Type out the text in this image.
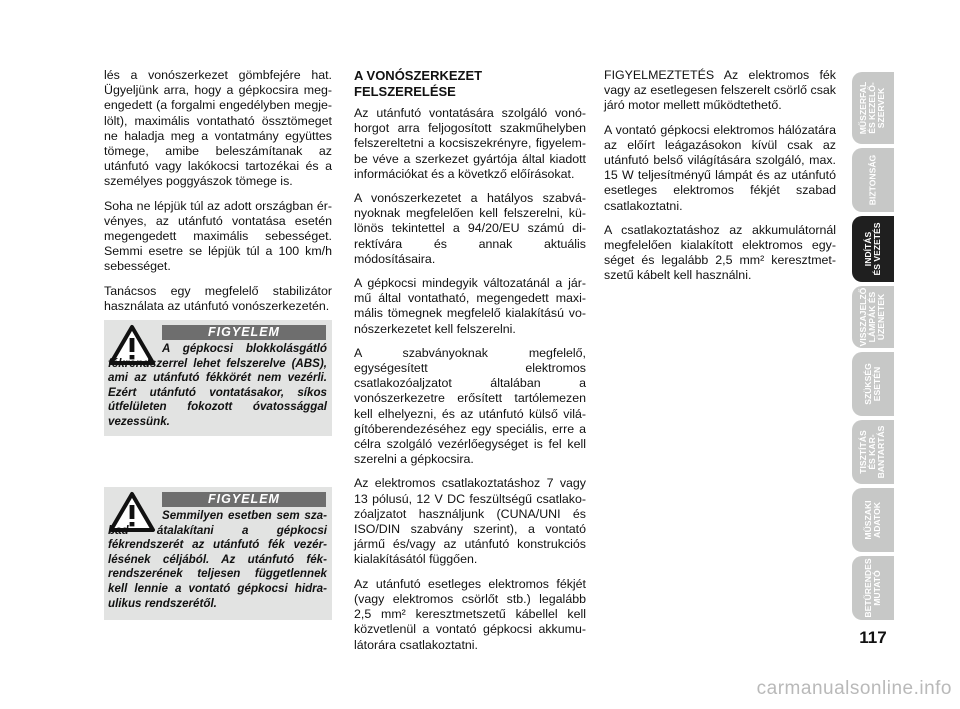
lés a vonószerkezet gömbfejére hat. Ügyeljünk arra, hogy a gépkocsira megengedett (a forgalmi engedélyben megjelölt), maximális vontatható össztömeget ne haladja meg a vontatmány együttes tömege, amibe beleszámítanak az utánfutó vagy lakókocsi tartozékai és a személyes poggyászok tömege is.

Soha ne lépjük túl az adott országban érvényes, az utánfutó vontatása esetén megengedett maximális sebességet. Semmi esetre se lépjük túl a 100 km/h sebességet.

Tanácsos egy megfelelő stabilizátor használata az utánfutó vonószerkezetén.

FIGYELEM
A gépkocsi blokkolásgátló fékrendszerrel lehet felszerelve (ABS), ami az utánfutó fékkörét nem vezérli. Ezért utánfutó vontatásakor, síkos útfelületen fokozott óvatossággal vezessünk.
FIGYELEM
Semmilyen esetben sem szabad átalakítani a gépkocsi fékrendszerét az utánfutó fék vezérlésének céljából. Az utánfutó fékrendszerének teljesen függetlennek kell lennie a vontató gépkocsi hidraulikus rendszerétől.
A VONÓSZERKEZET FELSZERELÉSE

Az utánfutó vontatására szolgáló vonóhorgot arra feljogosított szakműhelyben felszereltetni a kocsiszekrényre, figyelembe véve a szerkezet gyártója által kiadott információkat és a követkző előírásokat.

A vonószerkezetet a hatályos szabványoknak megfelelően kell felszerelni, különös tekintettel a 94/20/EU számú direktívára és annak aktuális módosításaira.

A gépkocsi mindegyik változatánál a jármű által vontatható, megengedett maximális tömegnek megfelelő kialakítású vonószerkezetet kell felszerelni.

A szabványoknak megfelelő, egységesített elektromos csatlakozóaljzatot általában a vonószerkezetre erősített tartólemezen kell elhelyezni, és az utánfutó külső világítóberendezéséhez egy speciális, erre a célra szolgáló vezérlőegységet is fel kell szerelni a gépkocsira.

Az elektromos csatlakoztatáshoz 7 vagy 13 pólusú, 12 V DC feszültségű csatlakozóaljzatot használjunk (CUNA/UNI és ISO/DIN szabvány szerint), a vontató jármű és/vagy az utánfutó konstrukciós kialakításától függően.

Az utánfutó esetleges elektromos fékjét (vagy elektromos csörlőt stb.) legalább 2,5 mm² keresztmetszetű kábellel kell közvetlenül a vontató gépkocsi akkumulátorára csatlakoztatni.

FIGYELMEZTETÉS Az elektromos fék vagy az esetlegesen felszerelt csörlő csak járó motor mellett működtethető.

A vontató gépkocsi elektromos hálózatára az előírt leágazásokon kívül csak az utánfutó belső világítására szolgáló, max. 15 W teljesítményű lámpát és az utánfutó esetleges elektromos fékjét szabad csatlakoztatni.

A csatlakoztatáshoz az akkumulátornál megfelelően kialakított elektromos egységet és legalább 2,5 mm² keresztmetszetű kábelt kell használni.

MŰSZERFAL ÉS KEZELŐ- SZERVEK
BIZTONSÁG
INDÍTÁS ÉS VEZETÉS
VISSZAJELZŐ LÁMPÁK ÉS ÜZENETEK
SZÜKSÉG ESETÉN
TISZTÍTÁS ÉS KAR- BANTARTÁS
MŰSZAKI ADATOK
BETŰRENDES MUTATÓ
117
carmanualsonline.info
